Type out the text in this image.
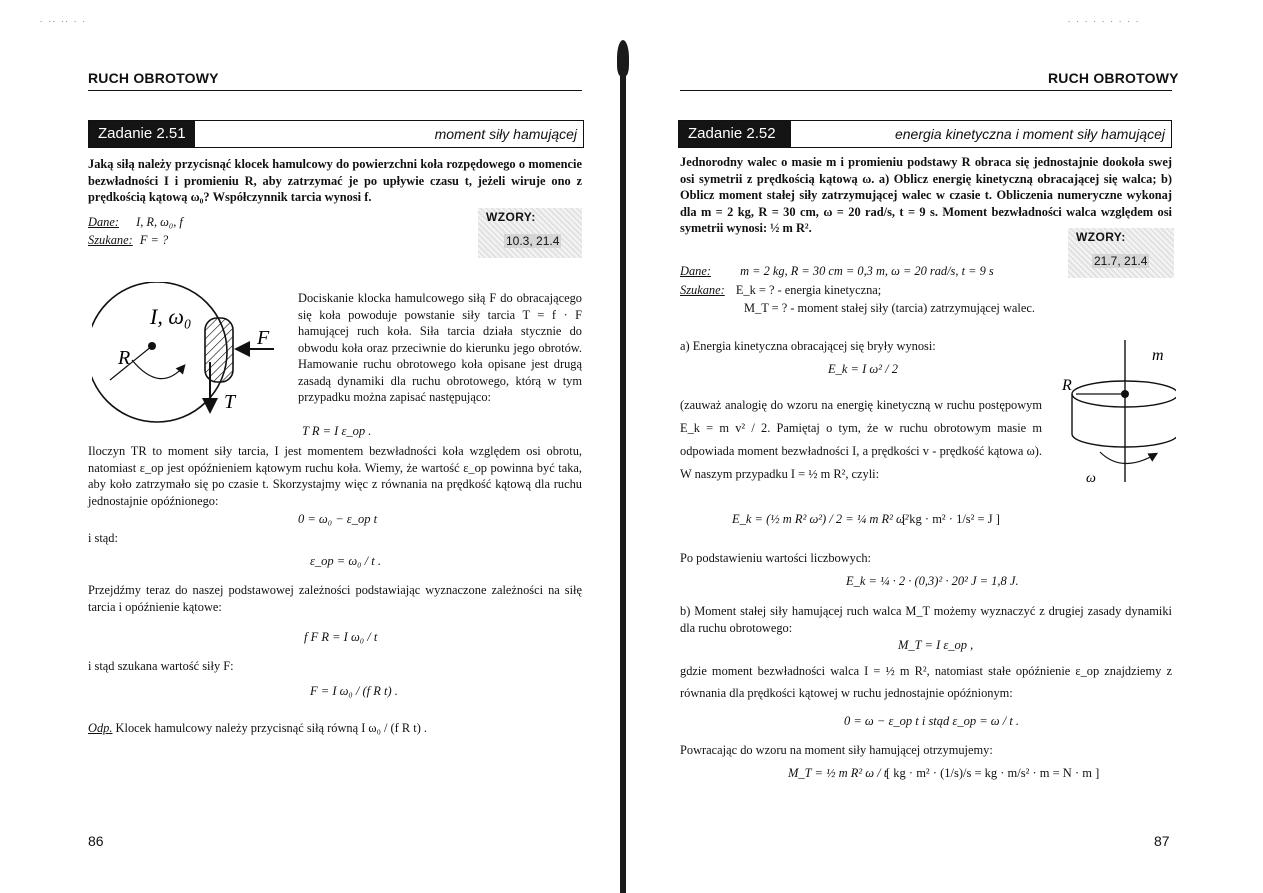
. .. .. . .
RUCH OBROTOWY
Zadanie 2.51	moment siły hamującej
Jaką siłą należy przycisnąć klocek hamulcowy do powierzchni koła rozpędowego o momencie bezwładności I i promieniu R, aby zatrzymać je po upływie czasu t, jeżeli wiruje ono z prędkością kątową ω₀? Współczynnik tarcia wynosi f.
Dane: I, R, ω₀, f
Szukane: F = ?
WZORY:
10.3, 21.4
I, ω₀
R
F
T
Dociskanie klocka hamulcowego siłą F do obracającego się koła powoduje powstanie siły tarcia T = f · F hamującej ruch koła. Siła tarcia działa stycznie do obwodu koła oraz przeciwnie do kierunku jego obrotów. Hamowanie ruchu obrotowego koła opisane jest drugą zasadą dynamiki dla ruchu obrotowego, którą w tym przypadku można zapisać następująco:
T R = I ε_op .
Iloczyn TR to moment siły tarcia, I jest momentem bezwładności koła względem osi obrotu, natomiast ε_op jest opóźnieniem kątowym ruchu koła. Wiemy, że wartość ε_op powinna być taka, aby koło zatrzymało się po czasie t. Skorzystajmy więc z równania na prędkość kątową dla ruchu jednostajnie opóźnionego:
0 = ω₀ − ε_op t
i stąd:
ε_op = ω₀ / t .
Przejdźmy teraz do naszej podstawowej zależności podstawiając wyznaczone zależności na siłę tarcia i opóźnienie kątowe:
f F R = I ω₀ / t
i stąd szukana wartość siły F:
F = I ω₀ / (f R t) .
Odp. Klocek hamulcowy należy przycisnąć siłą równą I ω₀ / (f R t) .
86
. . . . . . . . .
RUCH OBROTOWY
Zadanie 2.52	energia kinetyczna i moment siły hamującej
Jednorodny walec o masie m i promieniu podstawy R obraca się jednostajnie dookoła swej osi symetrii z prędkością kątową ω. a) Oblicz energię kinetyczną obracającej się walca; b) Oblicz moment stałej siły zatrzymującej walec w czasie t. Obliczenia numeryczne wykonaj dla m = 2 kg, R = 30 cm, ω = 20 rad/s, t = 9 s. Moment bezwładności walca względem osi symetrii wynosi: ½ m R².
WZORY:
21.7, 21.4
Dane: m = 2 kg, R = 30 cm = 0,3 m, ω = 20 rad/s, t = 9 s
Szukane: E_k = ? - energia kinetyczna;
M_T = ? - moment stałej siły (tarcia) zatrzymującej walec.
a) Energia kinetyczna obracającej się bryły wynosi:
E_k = I ω² / 2
(zauważ analogię do wzoru na energię kinetyczną w ruchu postępowym E_k = m v² / 2. Pamiętaj o tym, że w ruchu obrotowym masie m odpowiada moment bezwładności I, a prędkości v - prędkość kątowa ω). W naszym przypadku I = ½ m R², czyli:
E_k = (½ m R² ω²) / 2 = ¼ m R² ω²
[ kg · m² · 1/s² = J ]
Po podstawieniu wartości liczbowych:
E_k = ¼ · 2 · (0,3)² · 20² J = 1,8 J.
b) Moment stałej siły hamującej ruch walca M_T możemy wyznaczyć z drugiej zasady dynamiki dla ruchu obrotowego:
M_T = I ε_op ,
gdzie moment bezwładności walca I = ½ m R², natomiast stałe opóźnienie ε_op znajdziemy z równania dla prędkości kątowej w ruchu jednostajnie opóźnionym:
0 = ω − ε_op t i stąd ε_op = ω / t .
Powracając do wzoru na moment siły hamującej otrzymujemy:
M_T = ½ m R² ω / t
[ kg · m² · (1/s)/s = kg · m/s² · m = N · m ]
m
R
ω
87
